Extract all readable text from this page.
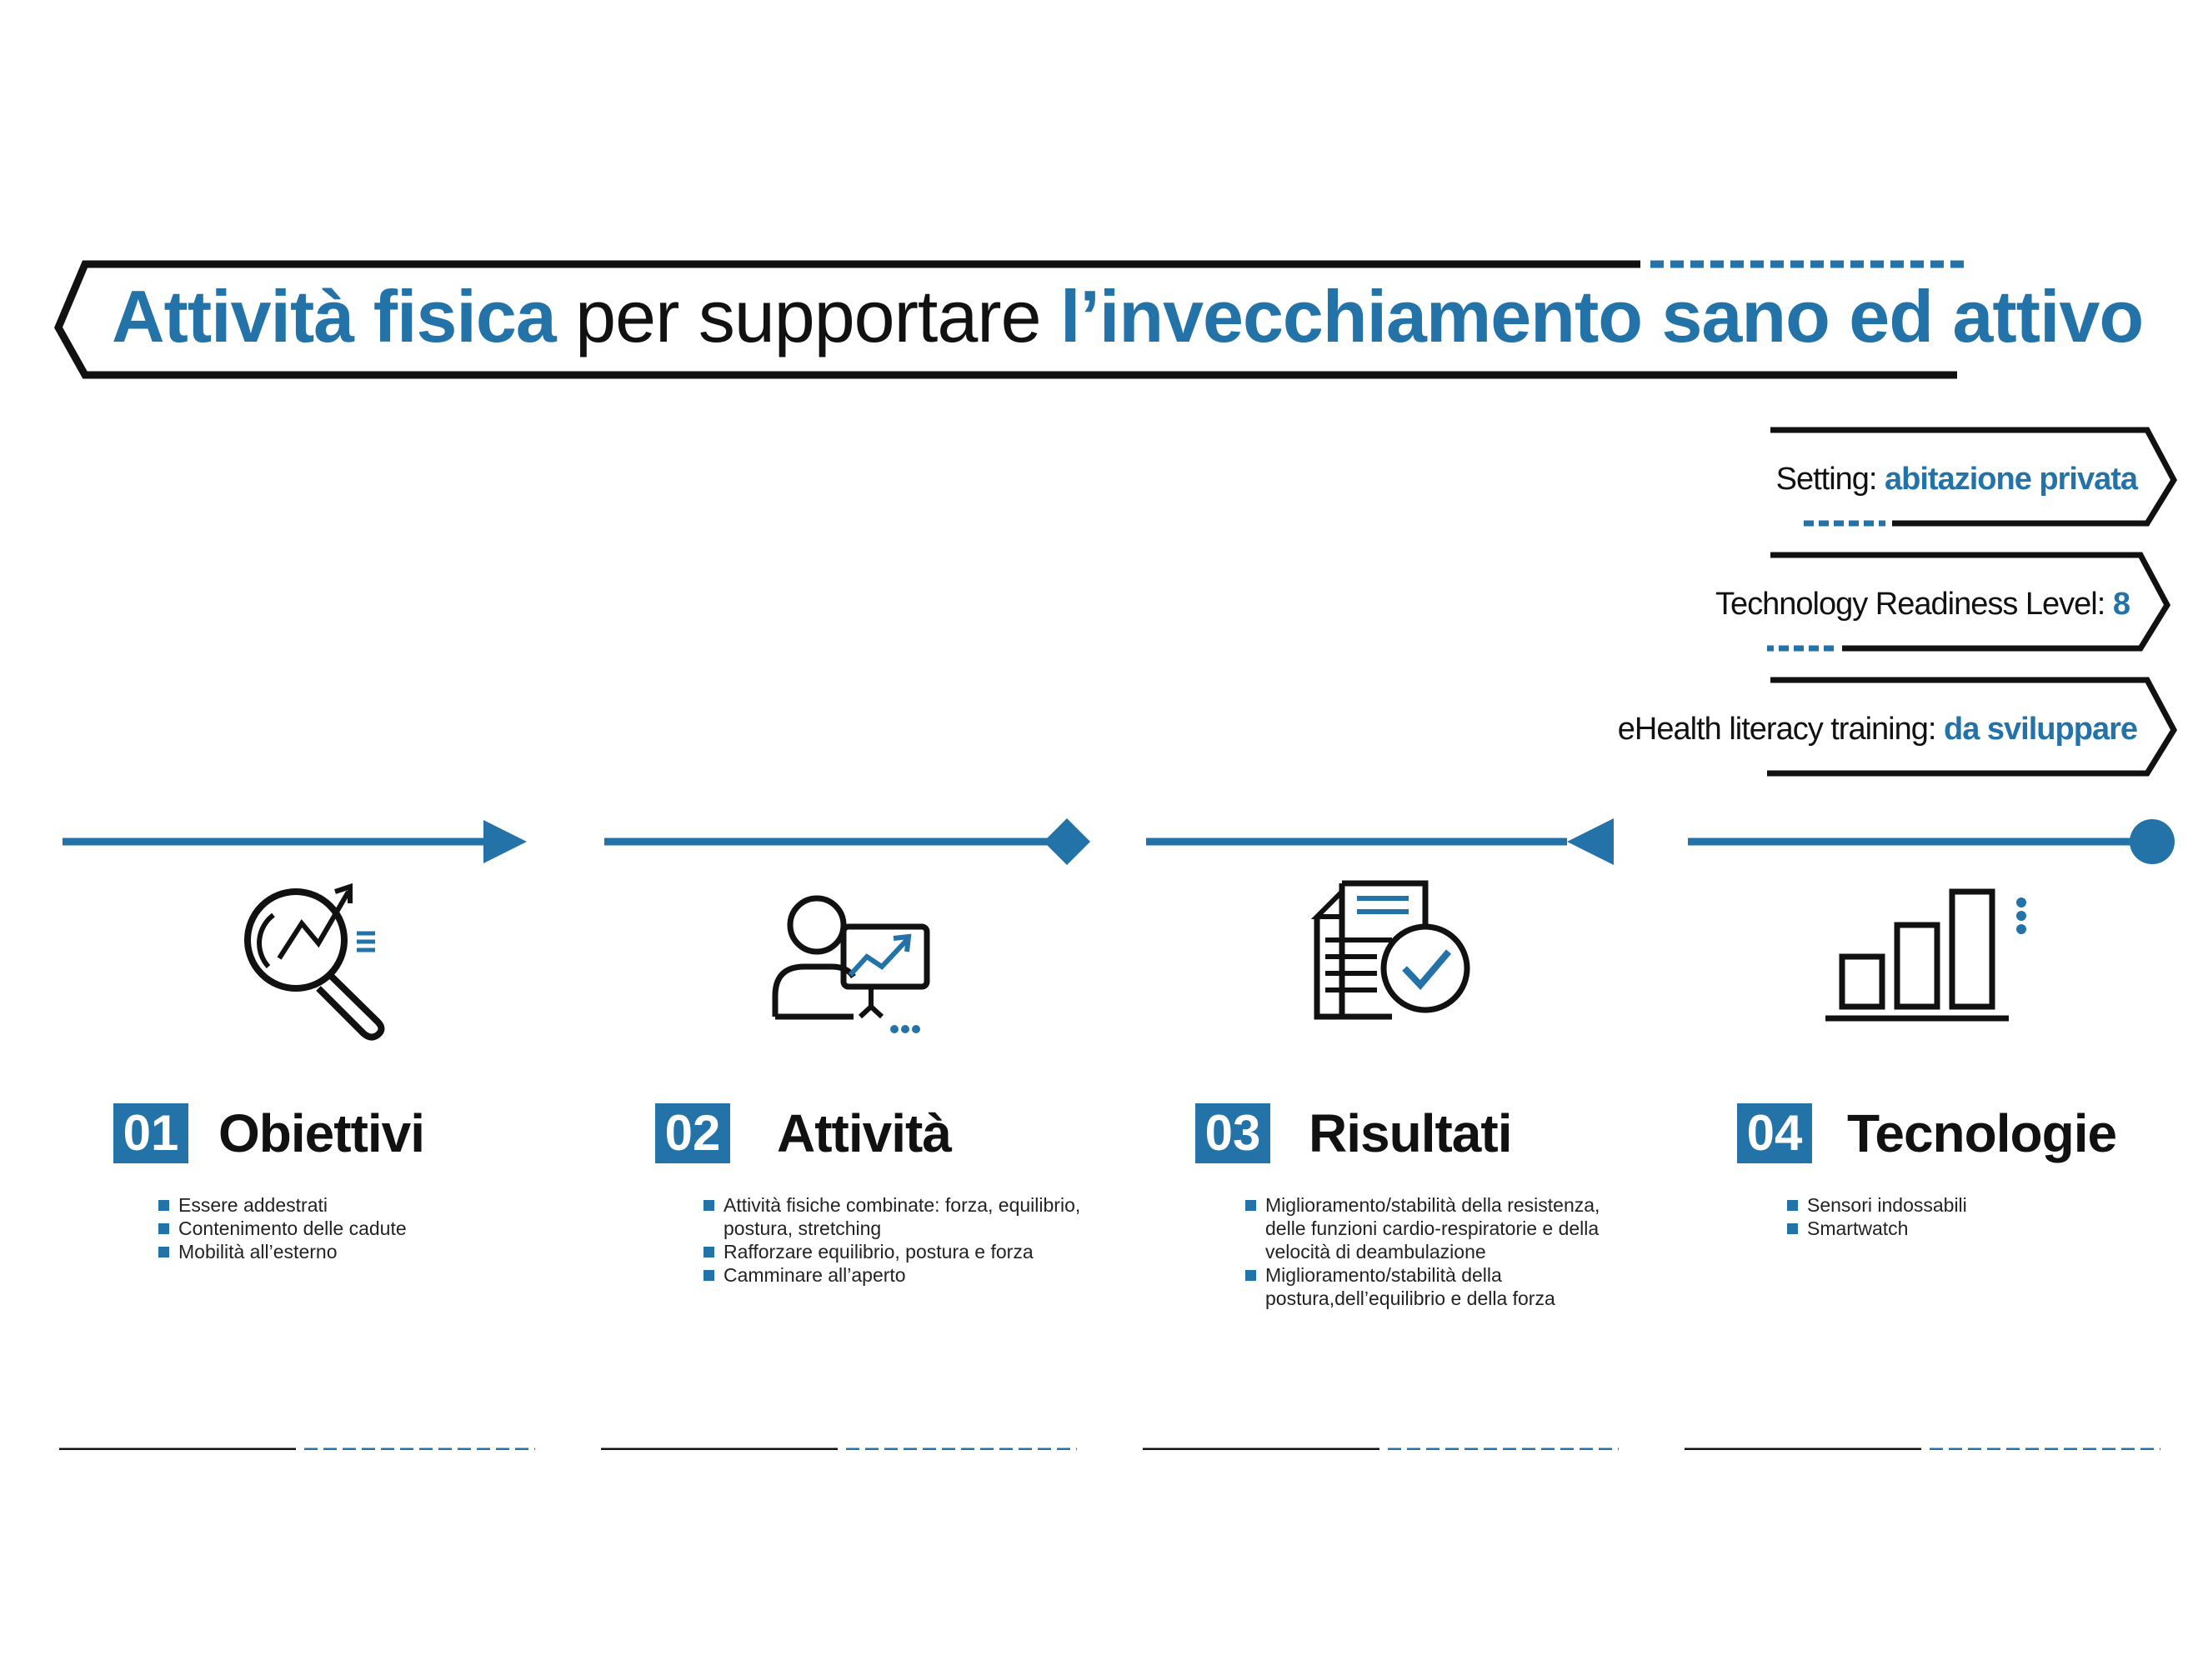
Attività fisica per supportare l’invecchiamento sano ed attivo
Setting: abitazione privata
Technology Readiness Level: 8
eHealth literacy training: da sviluppare
01 Obiettivi	02 Attività	03 Risultati	04 Tecnologie
Essere addestrati
Contenimento delle cadute
Mobilità all’esterno
Attività fisiche combinate: forza, equilibrio, postura, stretching
Rafforzare equilibrio, postura e forza
Camminare all’aperto
Miglioramento/stabilità della resistenza, delle funzioni cardio-respiratorie e della velocità di deambulazione
Miglioramento/stabilità della postura,dell’equilibrio e della forza
Sensori indossabili
Smartwatch
